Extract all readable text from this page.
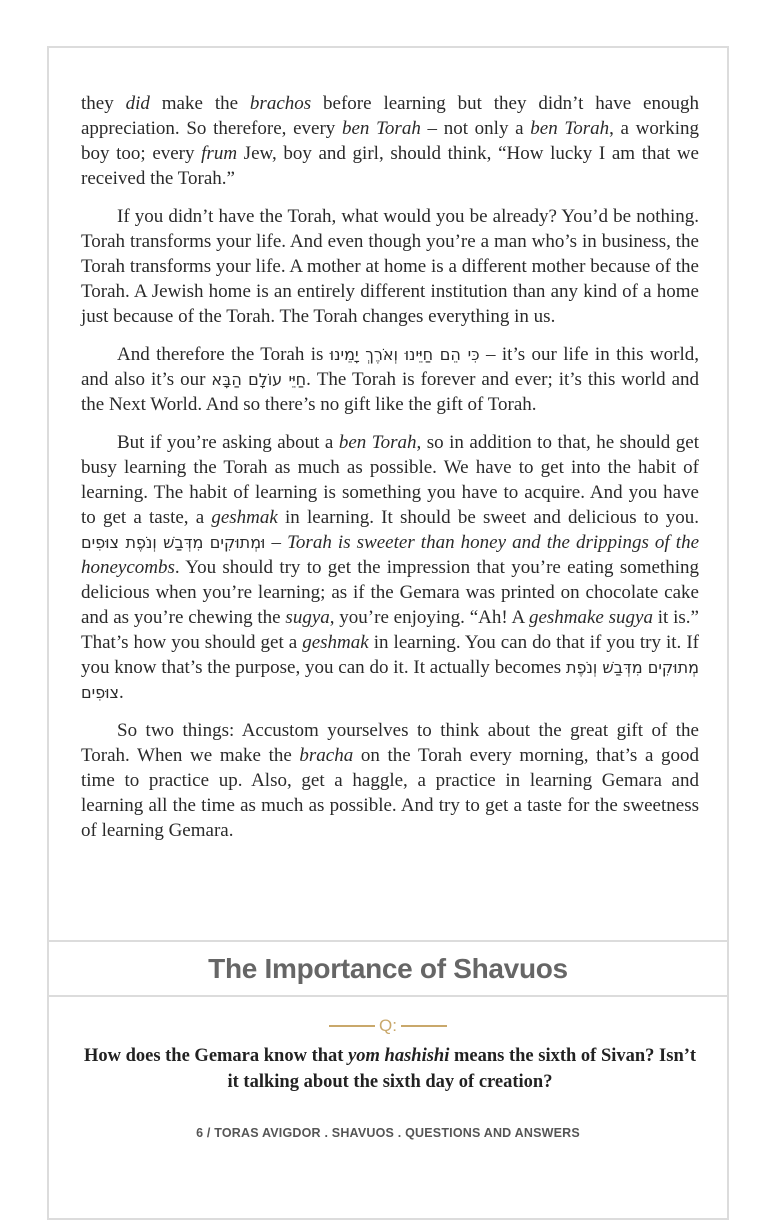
they did make the brachos before learning but they didn’t have enough appreciation. So therefore, every ben Torah – not only a ben Torah, a working boy too; every frum Jew, boy and girl, should think, “How lucky I am that we received the Torah.”

If you didn’t have the Torah, what would you be already? You’d be nothing. Torah transforms your life. And even though you’re a man who’s in business, the Torah transforms your life. A mother at home is a different mother because of the Torah. A Jewish home is an entirely different institution than any kind of a home just because of the Torah. The Torah changes everything in us.

And therefore the Torah is כִּי הֵם חַיֵּינוּ וְאֹרֶךְ יָמֵינוּ – it’s our life in this world, and also it’s our חַיֵּי עוֹלָם הַבָּא. The Torah is forever and ever; it’s this world and the Next World. And so there’s no gift like the gift of Torah.

But if you’re asking about a ben Torah, so in addition to that, he should get busy learning the Torah as much as possible. We have to get into the habit of learning. The habit of learning is something you have to acquire. And you have to get a taste, a geshmak in learning. It should be sweet and delicious to you. וּמְתוּקִים מִדְּבַשׁ וְנֹפֶת צוּפִים – Torah is sweeter than honey and the drippings of the honeycombs. You should try to get the impression that you’re eating something delicious when you’re learning; as if the Gemara was printed on chocolate cake and as you’re chewing the sugya, you’re enjoying. “Ah! A geshmake sugya it is.” That’s how you should get a geshmak in learning. You can do that if you try it. If you know that’s the purpose, you can do it. It actually becomes מְתוּקִים מִדְּבַשׁ וְנֹפֶת צוּפִים.

So two things: Accustom yourselves to think about the great gift of the Torah. When we make the bracha on the Torah every morning, that’s a good time to practice up. Also, get a haggle, a practice in learning Gemara and learning all the time as much as possible. And try to get a taste for the sweetness of learning Gemara.

The Importance of Shavuos
Q:
How does the Gemara know that yom hashishi means the sixth of Sivan? Isn’t it talking about the sixth day of creation?
6 / TORAS AVIGDOR . SHAVUOS . QUESTIONS AND ANSWERS
